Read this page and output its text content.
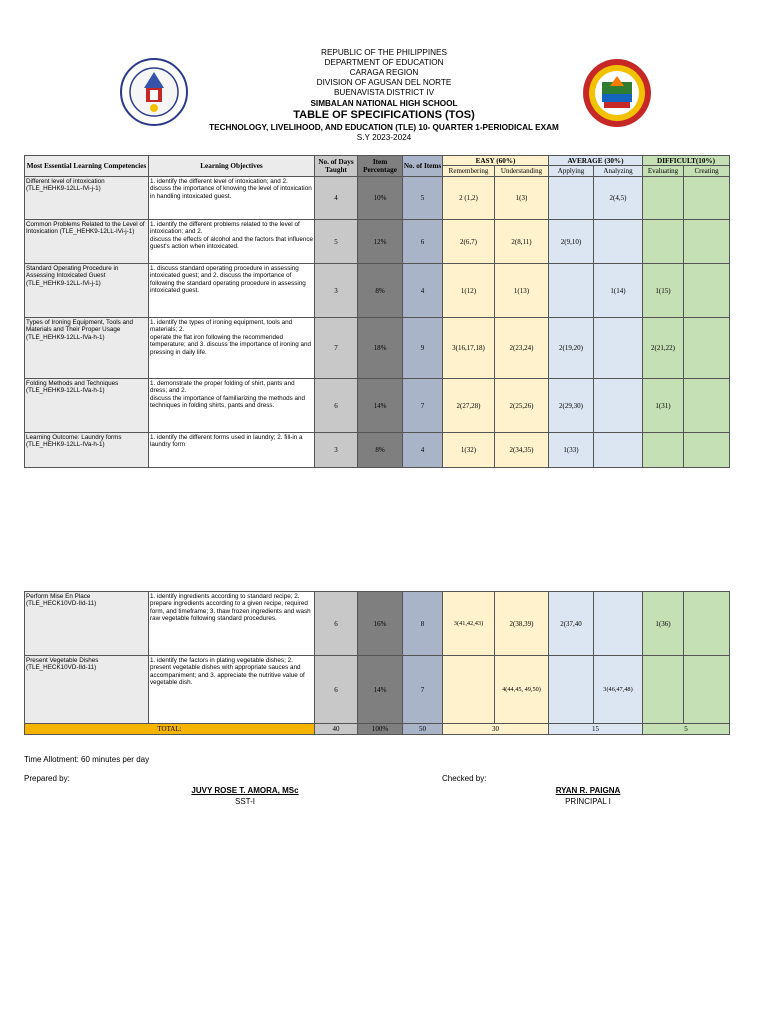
REPUBLIC OF THE PHILIPPINES
DEPARTMENT OF EDUCATION
CARAGA REGION
DIVISION OF AGUSAN DEL NORTE
BUENAVISTA DISTRICT IV
SIMBALAN NATIONAL HIGH SCHOOL
TABLE OF SPECIFICATIONS (TOS)
TECHNOLOGY, LIVELIHOOD, AND EDUCATION (TLE) 10- QUARTER 1-PERIODICAL EXAM
S.Y 2023-2024
Most Essential Learning Competencies	Learning Objectives	No. of Days Taught	Item Percentage	No. of Items	EASY (60%)		AVERAGE (30%)		DIFFICULT(10%)	
					Remembering	Understanding	Applying	Analyzing	Evaluating	Creating
Different level of intoxication
(TLE_HEHK9-12LL-IVi-j-1)	1. identify the different level of intoxication; and 2.
discuss the importance of knowing the level of intoxication in handling intoxicated guest.	4	10%	5	2 (1,2)	1(3)		2(4,5)		
Common Problems Related to the Level of Intoxication (TLE_HEHK9-12LL-IVi-j-1)	1. identify the different problems related to the level of intoxication; and 2.
discuss the effects of alcohol and the factors that influence guest's action when intoxicated.	5	12%	6	2(6,7)	2(8,11)	2(9,10)			
Standard Operating Procedure in Assessing Intoxicated Guest
(TLE_HEHK9-12LL-IVi-j-1)	1. discuss standard operating procedure in assessing intoxicated guest; and 2. discuss the importance of following the standard operating procedure in assessing intoxicated guest.	3	8%	4	1(12)	1(13)		1(14)	1(15)	
Types of Ironing Equipment, Tools and Materials and Their Proper Usage
(TLE_HEHK9-12LL-IVa-h-1)	1. identify the types of ironing equipment, tools and materials; 2.
operate the flat iron following the recommended temperature; and 3. discuss the importance of ironing and pressing in daily life.	7	18%	9	3(16,17,18)	2(23,24)	2(19,20)		2(21,22)	
Folding Methods and Techniques
(TLE_HEHK9-12LL-IVa-h-1)	1. demonstrate the proper folding of shirt, pants and dress; and 2.
discuss the importance of familiarizing the methods and techniques in folding shirts, pants and dress.	6	14%	7	2(27,28)	2(25,26)	2(29,30)		1(31)	
Learning Outcome: Laundry forms
(TLE_HEHK9-12LL-IVa-h-1)	1. identify the different forms used in laundry; 2. fill-in a laundry form	3	8%	4	1(32)	2(34,35)	1(33)			
Perform Mise En Place
(TLE_HECK10VD-IId-11)	1. identify ingredients according to standard recipe; 2.
prepare ingredients according to a given recipe, required form, and timeframe; 3. thaw frozen ingredients and wash raw vegetable following standard procedures.	6	16%	8	3(41,42,43)	2(38,39)	2(37,40		1(36)	
Present Vegetable Dishes
(TLE_HECK10VD-IId-11)	1. identify the factors in plating vegetable dishes; 2. present vegetable dishes with appropriate sauces and accompaniment; and 3. appreciate the nutritive value of vegetable dish.	6	14%	7		4(44,45, 49,50)		3(46,47,48)		
TOTAL:		40	100%	50	30		15		5	
Time Allotment: 60 minutes per day
Prepared by:	Checked by:
JUVY ROSE T. AMORA, MSc
SST-I
RYAN R. PAIGNA
PRINCIPAL I
